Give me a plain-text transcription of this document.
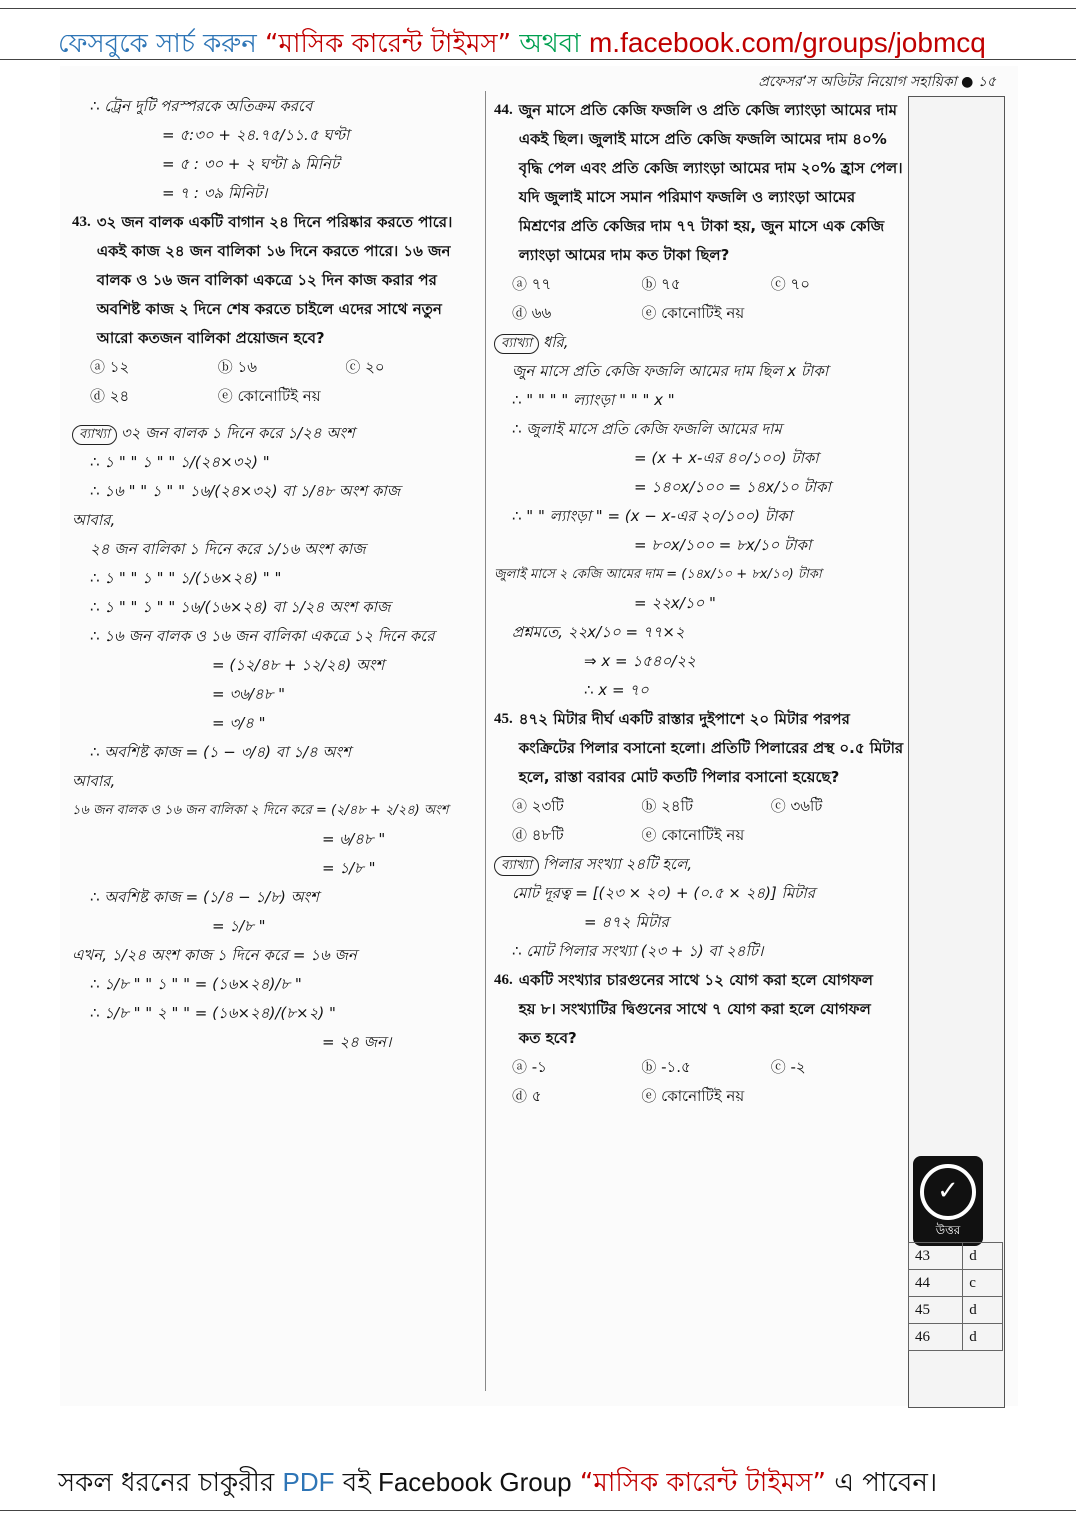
ফেসবুকে সার্চ করুন “মাসিক কারেন্ট টাইমস” অথবা m.facebook.com/groups/jobmcq
প্রফেসর’স অডিটর নিয়োগ সহায়িকা ● ১৫
∴ ট্রেন দুটি পরস্পরকে অতিক্রম করবে
= ৫:৩০ + ২৪.৭৫/১১.৫ ঘণ্টা
= ৫ : ৩০ + ২ ঘণ্টা ৯ মিনিট
= ৭ : ৩৯ মিনিট।
43. ৩২ জন বালক একটি বাগান ২৪ দিনে পরিষ্কার করতে পারে। একই কাজ ২৪ জন বালিকা ১৬ দিনে করতে পারে। ১৬ জন বালক ও ১৬ জন বালিকা একত্রে ১২ দিন কাজ করার পর অবশিষ্ট কাজ ২ দিনে শেষ করতে চাইলে এদের সাথে নতুন আরো কতজন বালিকা প্রয়োজন হবে?
ⓐ ১২	ⓑ ১৬	ⓒ ২০
ⓓ ২৪	ⓔ কোনোটিই নয়
ব্যাখ্যা ৩২ জন বালক ১ দিনে করে ১/২৪ অংশ
∴ ১ " " ১ " " ১/(২৪×৩২) "
∴ ১৬ " " ১ " " ১৬/(২৪×৩২) বা ১/৪৮ অংশ কাজ
আবার,
২৪ জন বালিকা ১ দিনে করে ১/১৬ অংশ কাজ
∴ ১ " " ১ " " ১/(১৬×২৪) " "
∴ ১ " " ১ " " ১৬/(১৬×২৪) বা ১/২৪ অংশ কাজ
∴ ১৬ জন বালক ও ১৬ জন বালিকা একত্রে ১২ দিনে করে
= (১২/৪৮ + ১২/২৪) অংশ
= ৩৬/৪৮ "
= ৩/৪ "
∴ অবশিষ্ট কাজ = (১ − ৩/৪) বা ১/৪ অংশ
আবার,
১৬ জন বালক ও ১৬ জন বালিকা ২ দিনে করে = (২/৪৮ + ২/২৪) অংশ
= ৬/৪৮ "
= ১/৮ "
∴ অবশিষ্ট কাজ = (১/৪ − ১/৮) অংশ
= ১/৮ "
এখন, ১/২৪ অংশ কাজ ১ দিনে করে = ১৬ জন
∴ ১/৮ " " ১ " " = (১৬×২৪)/৮ "
∴ ১/৮ " " ২ " " = (১৬×২৪)/(৮×২) "
= ২৪ জন।
44. জুন মাসে প্রতি কেজি ফজলি ও প্রতি কেজি ল্যাংড়া আমের দাম একই ছিল। জুলাই মাসে প্রতি কেজি ফজলি আমের দাম ৪০% বৃদ্ধি পেল এবং প্রতি কেজি ল্যাংড়া আমের দাম ২০% হ্রাস পেল। যদি জুলাই মাসে সমান পরিমাণ ফজলি ও ল্যাংড়া আমের মিশ্রণের প্রতি কেজির দাম ৭৭ টাকা হয়, জুন মাসে এক কেজি ল্যাংড়া আমের দাম কত টাকা ছিল?
ⓐ ৭৭	ⓑ ৭৫	ⓒ ৭০
ⓓ ৬৬	ⓔ কোনোটিই নয়
ব্যাখ্যা ধরি,
জুন মাসে প্রতি কেজি ফজলি আমের দাম ছিল x টাকা
∴ " " " " ল্যাংড়া " " " x "
∴ জুলাই মাসে প্রতি কেজি ফজলি আমের দাম
= (x + x-এর ৪০/১০০) টাকা
= ১৪০x/১০০ = ১৪x/১০ টাকা
∴ " " ল্যাংড়া " = (x − x-এর ২০/১০০) টাকা
= ৮০x/১০০ = ৮x/১০ টাকা
জুলাই মাসে ২ কেজি আমের দাম = (১৪x/১০ + ৮x/১০) টাকা
= ২২x/১০ "
প্রশ্নমতে, ২২x/১০ = ৭৭×২
⇒ x = ১৫৪০/২২
∴ x = ৭০
45. ৪৭২ মিটার দীর্ঘ একটি রাস্তার দুইপাশে ২০ মিটার পরপর কংক্রিটের পিলার বসানো হলো। প্রতিটি পিলারের প্রস্থ ০.৫ মিটার হলে, রাস্তা বরাবর মোট কতটি পিলার বসানো হয়েছে?
ⓐ ২৩টি	ⓑ ২৪টি	ⓒ ৩৬টি
ⓓ ৪৮টি	ⓔ কোনোটিই নয়
ব্যাখ্যা পিলার সংখ্যা ২৪টি হলে,
মোট দূরত্ব = [(২৩ × ২০) + (০.৫ × ২৪)] মিটার
= ৪৭২ মিটার
∴ মোট পিলার সংখ্যা (২৩ + ১) বা ২৪টি।
46. একটি সংখ্যার চারগুনের সাথে ১২ যোগ করা হলে যোগফল হয় ৮। সংখ্যাটির দ্বিগুনের সাথে ৭ যোগ করা হলে যোগফল কত হবে?
ⓐ -১	ⓑ -১.৫	ⓒ -২
ⓓ ৫	ⓔ কোনোটিই নয়
✓
উত্তর
43	d
44	c
45	d
46	d
সকল ধরনের চাকুরীর PDF বই Facebook Group “মাসিক কারেন্ট টাইমস” এ পাবেন।
